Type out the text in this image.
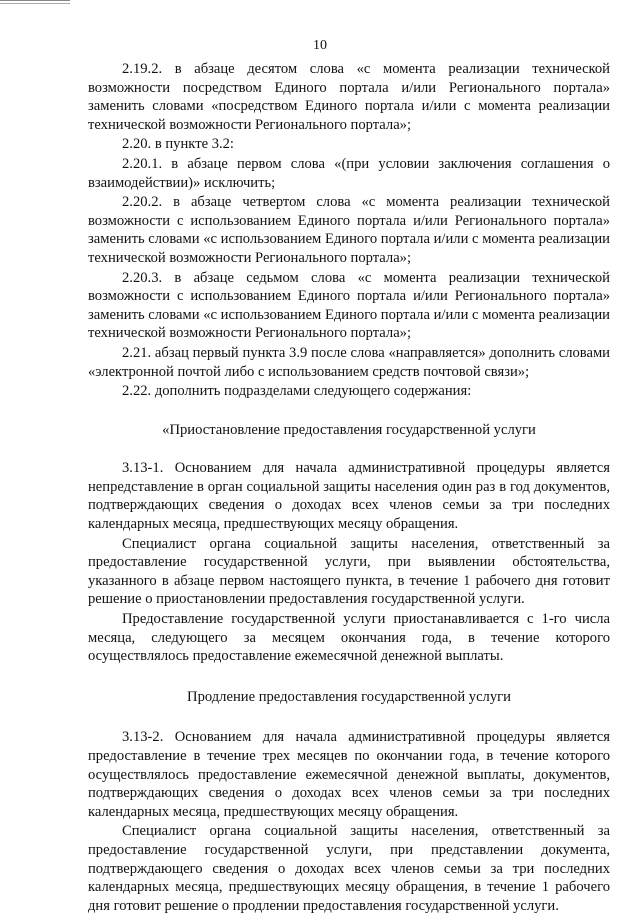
10

2.19.2. в абзаце десятом слова «с момента реализации технической возможности посредством Единого портала и/или Регионального портала» заменить словами «посредством Единого портала и/или с момента реализации технической возможности Регионального портала»;

2.20. в пункте 3.2:

2.20.1. в абзаце первом слова «(при условии заключения соглашения о взаимодействии)» исключить;

2.20.2. в абзаце четвертом слова «с момента реализации технической возможности с использованием Единого портала и/или Регионального портала» заменить словами «с использованием Единого портала и/или с момента реализации технической возможности Регионального портала»;

2.20.3. в абзаце седьмом слова «с момента реализации технической возможности с использованием Единого портала и/или Регионального портала» заменить словами «с использованием Единого портала и/или с момента реализации технической возможности Регионального портала»;

2.21. абзац первый пункта 3.9 после слова «направляется» дополнить словами «электронной почтой либо с использованием средств почтовой связи»;

2.22. дополнить подразделами следующего содержания:

«Приостановление предоставления государственной услуги

3.13-1. Основанием для начала административной процедуры является непредставление в орган социальной защиты населения один раз в год документов, подтверждающих сведения о доходах всех членов семьи за три последних календарных месяца, предшествующих месяцу обращения.

Специалист органа социальной защиты населения, ответственный за предоставление государственной услуги, при выявлении обстоятельства, указанного в абзаце первом настоящего пункта, в течение 1 рабочего дня готовит решение о приостановлении предоставления государственной услуги.

Предоставление государственной услуги приостанавливается с 1-го числа месяца, следующего за месяцем окончания года, в течение которого осуществлялось предоставление ежемесячной денежной выплаты.

Продление предоставления государственной услуги

3.13-2. Основанием для начала административной процедуры является предоставление в течение трех месяцев по окончании года, в течение которого осуществлялось предоставление ежемесячной денежной выплаты, документов, подтверждающих сведения о доходах всех членов семьи за три последних календарных месяца, предшествующих месяцу обращения.

Специалист органа социальной защиты населения, ответственный за предоставление государственной услуги, при представлении документа, подтверждающего сведения о доходах всех членов семьи за три последних календарных месяца, предшествующих месяцу обращения, в течение 1 рабочего дня готовит решение о продлении предоставления государственной услуги.
